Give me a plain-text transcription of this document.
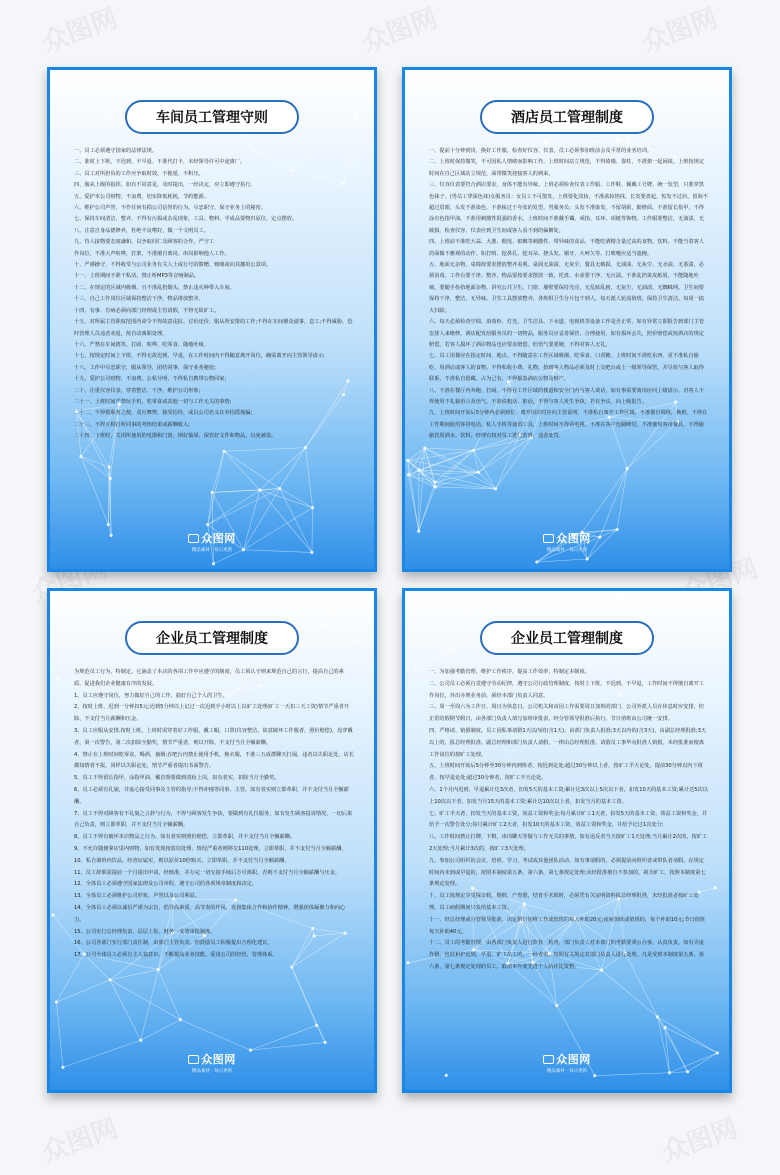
众图网	众图网	众图网
众图网	众图网
众图网	众图网
车间员工管理守则

一、员工必须遵守国家的法律法规。

二、准时上下班，不迟到、不早退、不准代打卡，未经领导许可中途离厂。

三、员工对所担负的工作应争取时效，不拖延、不积压。

四、服从上级的指挥，如有不同意见，及时提出，一经决定，应立即遵守执行。

五、爱护本公司财物，不浪费，切实降低耗耗，节约能源。

六、维护公司声誉，不作任何有损公司信誉的行为。尽忠职守，保守业务上的秘密。

七、保持车间清洁，整齐，不得有污损或杂乱现象，工具、物料、半成品要物归原位，定点摆放。

八、注意自身品德修养，杜绝不良嗜好，做一个文明员工。

九、待人接物要态度谦和，以争取同仁及顾客的合作。严守工

作岗位，不准大声喧哗，打架，不准擅自离岗、串岗影响他人工作。

十、严谨操守，不得收受与公司业务有关人士或行号的馈赠、贿赂或向其挪用公款项。

十一、上班期间不准干私活，禁止听MP3等音响制品。

十二、在规定的区域内吸烟，且不准乱扔烟头，禁止违火种带入车间。

十三、自己工作岗位区域保持整洁干净，物品堆放整齐。

十四、有事、有病必须向部门经理或主管请假，不得无故旷工。

十五、对所属主管职权范围内命令不得故意违抗、讨价还价，服从所安排的工作;不得在车间聚众滋事，息工;不得威胁、恐吓管理人员违者劝退，按自动离职处理。

十六、严禁在车间嬉笑、打闹、喧哗、吃零食、随地吐痰。

十七、按规定时间上下班，不得无故迟到、早退，在工作时间内不得随意离开岗位，确需离开向主管领导请示;

十八、工作中尽忠职守，服从领导，团结同事，保守业务秘密;

十九、爱护公司财物，不浪费，公私分明，不得私自携带公物回家;

二十、注重仪容仪表，穿着整洁、干净，维护公司形象;

二十一、上班时间严禁玩手机，吃零食或其他一切与工作无关的事情;

二十二、不得借职务之便，贪污舞弊，接受招待，或以公司名义在外招摇撞骗;

二十三、不得互相打听同事的考核结果或薪酬收入;

二十四、下班时，关闭所使用的电器和门窗，锁好抽屉，保管好文件和物品，以免被盗。

众图网
精品素材 · 每日更新
酒店员工管理制度

一、提前十分钟到岗，换好工作服。检查好仪容、仪表。员工必须参加班前会及平常的业务培训。

二、上班时保持微笑，不可因私人情绪而影响工作。上班时间站立规范，不得倚墙、靠柱，不准架一起闲谈。上班按规定时间在自己区域站立规范，面带微笑迎接客人的到来。

三、仪容仪表要符合酒店要求，身体不能有异味。上班必须检查仪表工作服、工作鞋、佩戴工号牌，统一发型，只准穿黑色袜子。(男员工穿深色袜)女服务员：女员工不可散发，上班要化淡妆，不准浓妆艳抹，长发要盘起，短发不过肩，留海不超过眉眼，头发不准染色，不准梳过于夸张的发型。男服务员：头发不准染发，不留胡须，勤修面，不准留长指甲，不得涂有色指甲油。不准用刺激性很强的香水。上班时间不准戴手镯、戒指、耳环、项链等饰物。工作服要整洁，无油渍、无破损。检查仪容、仪表应到卫生间或客人看不到的偏僻处。

四、上班前不准吃大蒜、大葱、榴莲、槟榔等刺激性、带异味的食品，不能吃酒精含量过高的食物，饮料。不能当着客人的面做不雅观的动作。如打喷、挖鼻孔、挖耳朵、挠头发、剔牙、大呵欠等，打喷嚏应适当遮掩。

五、地面无杂物、桌椅按要求摆放整齐美观。桌面无油渍、无灰尘，餐具无破损、无油渍、无灰尘、无水渍、无茶渍，必须消毒。工作台要干净、整齐，物品要按要求摆放一致，托盘、水壶要干净、无污渍。不准乱扔果皮纸屑，不能随地吐痰。要随手捡拾地面杂物，讲究公共卫生。门窗、墙壁要保持光亮，无乱贴乱画，无灰尘、无油渍、无蜘蛛网。卫生间要保持干净，整洁，无异味。卫生工具摆放整齐。各班组卫生分片包干到人，每天派人轮流值班，保持卫生清洁。每周一搞大扫除。

六、每天必须检查空调、消毒柜、灯光、卫生洁具、下水道、电视机等设备工作是否正常，如有异常立即报告到部门主管安排人来维修。酒店配发给服务员的一切物品，服务员应妥善保管，合理使用，如有损坏丢失，照价赔偿或按酒店的规定赔偿。若客人损坏了酒店物品也应要求赔偿。但语气要委婉，不得对客人无礼。

七、员工用餐应在指定时间、地点。不得随意在工作区域吸烟、吃零食、口香糖。上班时间不准吃东西，更不准私自偷吃、用酒店或客人的食物。不得私收小费、礼物，拾到客人物品必须及时上交吧台或上一级领导保管，并尽快与客人取得联系，不准私自留藏，占为己有，不得偷盗酒店公物及财产。

八、不准在餐厅内奔跑、打闹，不得在工作区域的楼道和安全门内与客人谈话，如有事需要离岗应向上级请示，对客人不得使用不礼貌语言及语气，不准说粗话、脏话，不得与客人发生争执，若有争议，向上级报告。

九、上班时间开始后5分钟内必须到位，离开岗位时应向主管说明，不准私自离开工作区域，不准擅自调班，换班。不得在工作期间使用客用电话、私人手机等通讯工具，上班时间不得看电视，不准在客户包厢睡觉，不准使用客用餐具，不得偷偷饮用酒水、饮料。经理有权对员工进行监督，违者处罚。

众图网
精品素材 · 每日更新
企业员工管理制度

为规范员工行为，特制定。它涵盖了本店的各项工作中应遵守的制度，员工须认守则来规范自己的言行，提高自己的素质，促进我们企业健康有序的发展。

1、员工应遵守岗位，努力做好自己的工作，搞好自己个人的卫生。

2、按时上班，迟到一分钟扣5元;迟到5分钟以上记过一次迟到半小时以上以旷工处理(旷工一天扣三天工资)情节严重者开除，不支付当月薪酬和压金。

3、员工应服从安排,按时上班，上班时需穿着好工作服，戴工帽，口罩(仪容整洁，故意破坏工作服者，照价赔偿)，没穿戴者，第一次警告，第二次扣除全勤奖，情节严重者，则以开除，不支付当月全额薪酬。

4、禁止在上班时间吃零食，喝酒，抽烟;在吧台内禁止使用手机，换衣服，不准三五成群聊天打闹，违者以失职论处，店长都知情者不报，同样以失职论处，情节严重者提出书面警告。

5、员工不得留长指甲，涂指甲油，戴首饰要做到淡妆上岗，如有者实，扣除当月全勤奖。

6、员工必须有礼貌，并虚心接受同事及主管的指导;不得冲撞等同事，主管，如有者实则立即革职，并不支付当月全额薪酬。

7、员工不得对顾客有不礼貌之言辞与行为，不得与顾客发生争执，要做到有礼仪服务，如有发生顾客投诉情况，一切后果自己负责，则立即革职，并不支付当月全额薪酬。

8、员工不得有破坏本店物品之行为，如有者实则照价赔偿，立即革职，并不支付当月全额薪酬。

9、不允许随便拿店里内财物，如有发现按盗窃处理，情况严重者则移交110处理，立即革职，并不支付当月全额薪酬。

10、私自调班内饮品，经查证属实，则以原价10倍购买，立即革职，并不支付当月全额薪酬。

11、员工辞职需提前一个月提出申请，经核准，并办完一切交接手续后方可离职，否则不支付当月全额薪酬与压金。

12、全体员工必须遵守国家法律及公司章程，遵守公司的各项规章制度和决定。

13、全体员工必须维护公司形象，声誉以及公司利益。

14、全体员工必须以诚信严谨为宗旨，倡导高素质，高节奏的作风，发扬集体合作和协作精神，增强团体凝聚力和向心力。

15、公司实行总经理负责，层层上报，财务一支笔审批制度。

16、公司各部门实行部门责任制，由部门主管负责，但鼓励员工积极提出合理化建议。

17、公司全体员工必须有主人翁意识，不断提高业务技能，爱岗公司的经营，管理体系。

众图网
精品素材 · 每日更新
企业员工管理制度

一、为加强考勤管理，维护工作秩序，提高工作效率，特制定本制度。

二、公司员工必须自觉遵守劳动纪律，遵守公司行政管理制度，按时上下班，不迟到，不早退，工作时间不得擅自离开工作岗位，外出办理业务前，须经本部门负责人同意。

三、周一至周六为工作日，周日为休息日。公司机关和由因工作需要周日加班的部门、公司外派人员在休息时应安排，但正常的假期节假日，由各部门负责人填写加班审批表，经分管领导批准后执行。节日值班由公司统一安排。

四、严格请、销假制度。员工因私事请假1天以内的(含1天)，由部门负责人批准;3天以内的(含3天)，由副总经理批准;3天以上的，报总经理批准。副总经理和部门负责人请假，一律由总经理批准。请假员工事毕向批准人销假。未经批准而擅离工作岗位的按旷工处理。

五、上班时间开始后5分钟至30分钟内到班者，按迟到论处;超过30分钟以上者，按旷工半天论处。提前30分钟以内下班者，按早退论处;超过30分钟者，按旷工半天论处。

六、1个月内迟到，早退累计达3次者，扣发5天的基本工资;累计达3次以上5次以下者，扣发10天的基本工资;累计达5次以上10次以下者，扣发当月15天的基本工资;累计达10次以上者，扣发当月的基本工资。

七、旷工半天者，扣发当天的基本工资，效益工资和奖金;每月累计旷工1天者，扣发5天的基本工资，效益工资和奖金，并给予一次警告处分;每月累计旷工2天者，扣发10天的基本工资，效益工资和奖金，并给予记过1次处分;

八、工作时间禁止打牌，下棋，串岗聊天等做与工作无关的事情。如有违反者当天按旷工1天处理;当月累计2次的，按旷工2天处理;当月累计3次的，按旷工3天处理。

九、参加公司组织的会议，培训，学习，考试或其他团队活动，如有事请假的，必须提前向组织者或带队者请假。在规定时间内未到或早退的，按照本制度第五条，第六条，第七条规定处理;未经批准擅自不参加的，视为旷工，按照本制度第七条规定处理。

十、员工按规定享受探亲假，婚假，产育假，结育手术假时，必须凭有关证明资料报总经理批准，未经批准者按旷工处理。员工病假期间只发给基本工资。

十一、经总经理或分管领导批准，决定假日加班工作或值班的每天补助20元;夜间加班或值班的，每个补助10元;节日值班每天补助40元。

十二、员工的考勤管理，由各部门负责人进行监督，检查，部门负责人对本部门的考勤要秉公办事，认真负责。如有弄虚作假，包庇袒护迟到，早退，旷工员工的，一经查实，按照有关规定对部门负责人进行处理。凡是受到本制度第五条，第六条，第七条规定处理的员工，取消本年度先进个人的评比资格。

众图网
精品素材 · 每日更新
